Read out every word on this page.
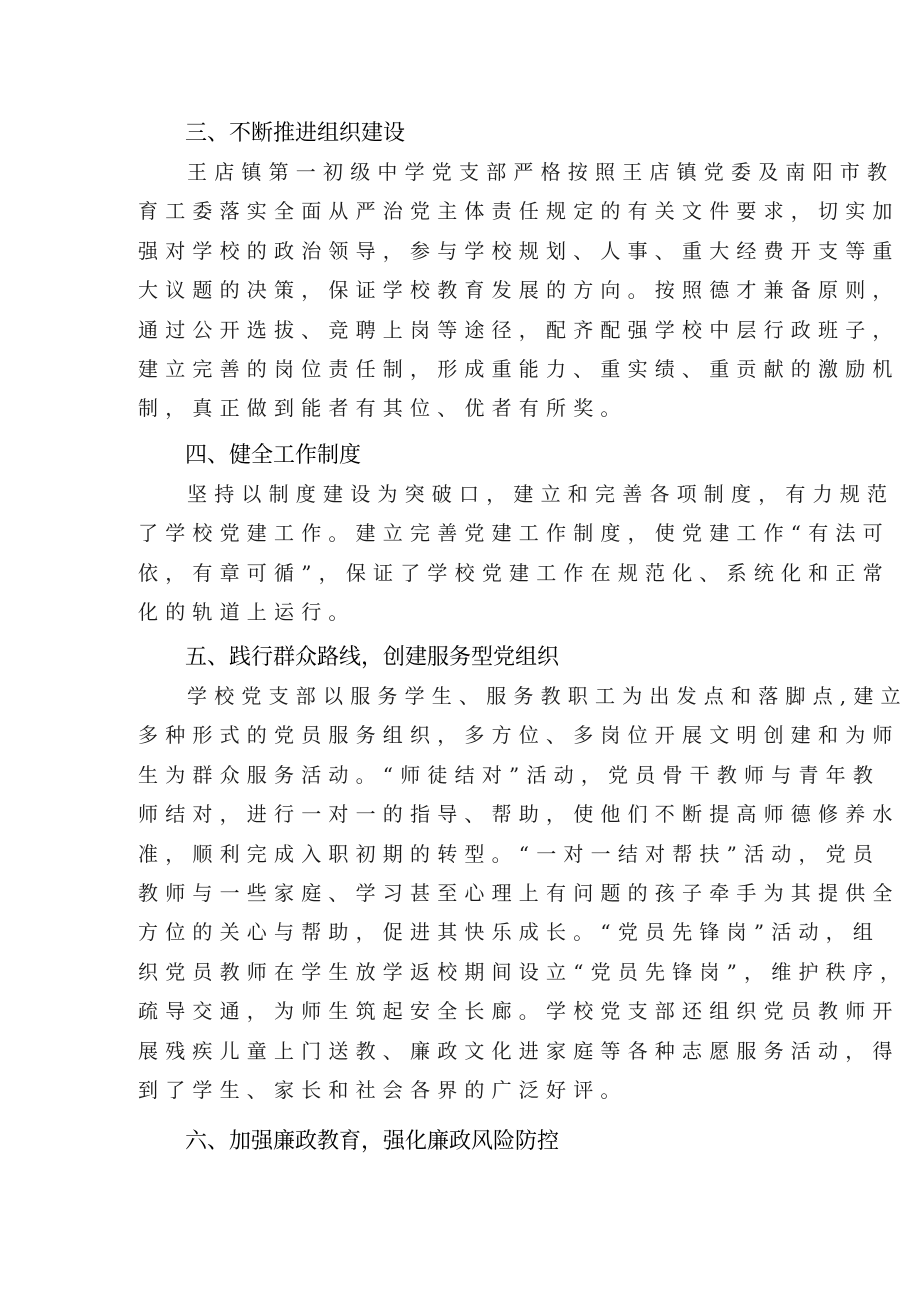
三、不断推进组织建设
王店镇第一初级中学党支部严格按照王店镇党委及南阳市教
育工委落实全面从严治党主体责任规定的有关文件要求，切实加
强对学校的政治领导，参与学校规划、人事、重大经费开支等重
大议题的决策，保证学校教育发展的方向。按照德才兼备原则，
通过公开选拔、竞聘上岗等途径，配齐配强学校中层行政班子，
建立完善的岗位责任制，形成重能力、重实绩、重贡献的激励机
制，真正做到能者有其位、优者有所奖。
四、健全工作制度
坚持以制度建设为突破口，建立和完善各项制度，有力规范
了学校党建工作。建立完善党建工作制度，使党建工作“有法可
依，有章可循”，保证了学校党建工作在规范化、系统化和正常
化的轨道上运行。
五、践行群众路线，创建服务型党组织
学校党支部以服务学生、服务教职工为出发点和落脚点,建立
多种形式的党员服务组织，多方位、多岗位开展文明创建和为师
生为群众服务活动。“师徒结对”活动，党员骨干教师与青年教
师结对，进行一对一的指导、帮助，使他们不断提高师德修养水
准，顺利完成入职初期的转型。“一对一结对帮扶”活动，党员
教师与一些家庭、学习甚至心理上有问题的孩子牵手为其提供全
方位的关心与帮助，促进其快乐成长。“党员先锋岗”活动，组
织党员教师在学生放学返校期间设立“党员先锋岗”，维护秩序，
疏导交通，为师生筑起安全长廊。学校党支部还组织党员教师开
展残疾儿童上门送教、廉政文化进家庭等各种志愿服务活动，得
到了学生、家长和社会各界的广泛好评。
六、加强廉政教育，强化廉政风险防控
